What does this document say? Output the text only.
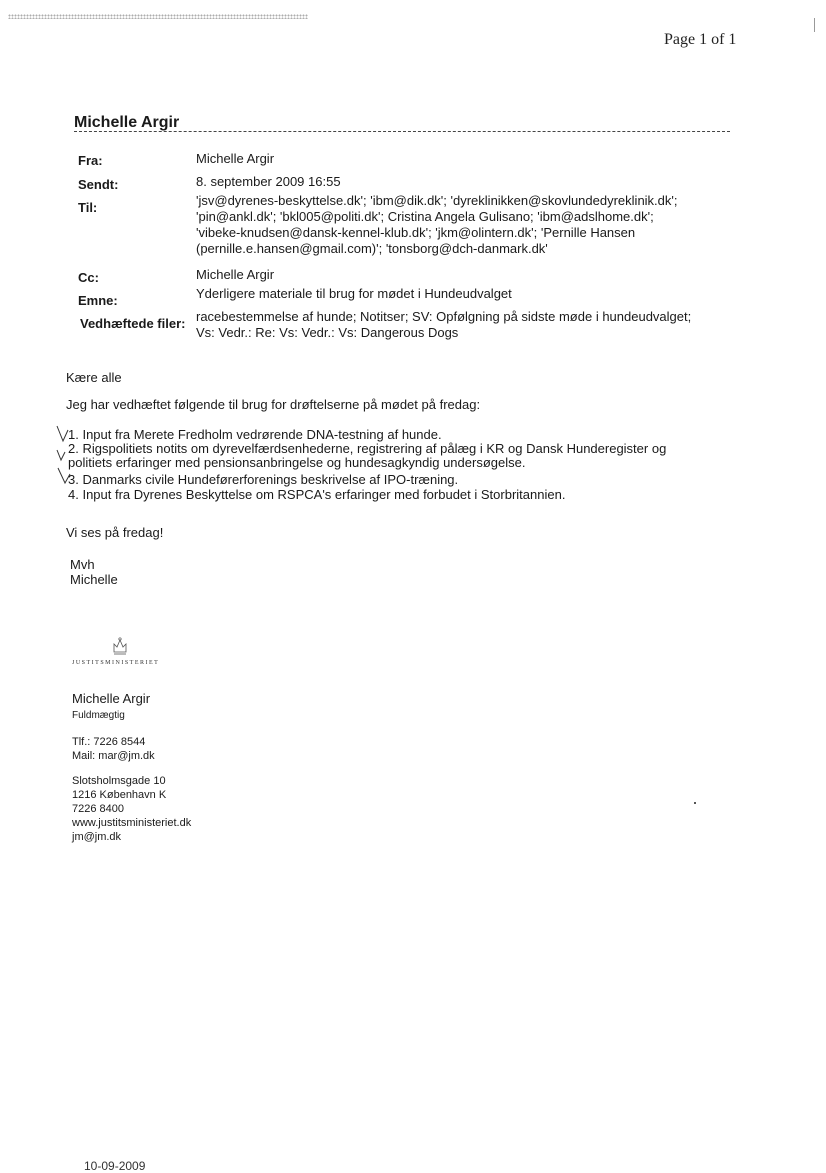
Page 1 of 1
Michelle Argir
Fra:	Michelle Argir
Sendt:	8. september 2009 16:55
Til:	'jsv@dyrenes-beskyttelse.dk'; 'ibm@dik.dk'; 'dyreklinikken@skovlundedyreklinik.dk';
'pin@ankl.dk'; 'bkl005@politi.dk'; Cristina Angela Gulisano; 'ibm@adslhome.dk';
'vibeke-knudsen@dansk-kennel-klub.dk'; 'jkm@olintern.dk'; 'Pernille Hansen
(pernille.e.hansen@gmail.com)'; 'tonsborg@dch-danmark.dk'
Cc:	Michelle Argir
Emne:	Yderligere materiale til brug for mødet i Hundeudvalget
Vedhæftede filer: racebestemmelse af hunde; Notitser; SV: Opfølgning på sidste møde i hundeudvalget;
Vs: Vedr.: Re: Vs: Vedr.: Vs: Dangerous Dogs
Kære alle
Jeg har vedhæftet følgende til brug for drøftelserne på mødet på fredag:
1. Input fra Merete Fredholm vedrørende DNA-testning af hunde.
2. Rigspolitiets notits om dyrevelfærdsenhederne, registrering af pålæg i KR og Dansk Hunderegister og
politiets erfaringer med pensionsanbringelse og hundesagkyndig undersøgelse.
3. Danmarks civile Hundeførerforenings beskrivelse af IPO-træning.
4. Input fra Dyrenes Beskyttelse om RSPCA's erfaringer med forbudet i Storbritannien.
Vi ses på fredag!
Mvh
Michelle
JUSTITSMINISTERIET
Michelle Argir
Fuldmægtig
Tlf.: 7226 8544
Mail: mar@jm.dk
Slotsholmsgade 10
1216 København K
7226 8400
www.justitsministeriet.dk
jm@jm.dk
10-09-2009
